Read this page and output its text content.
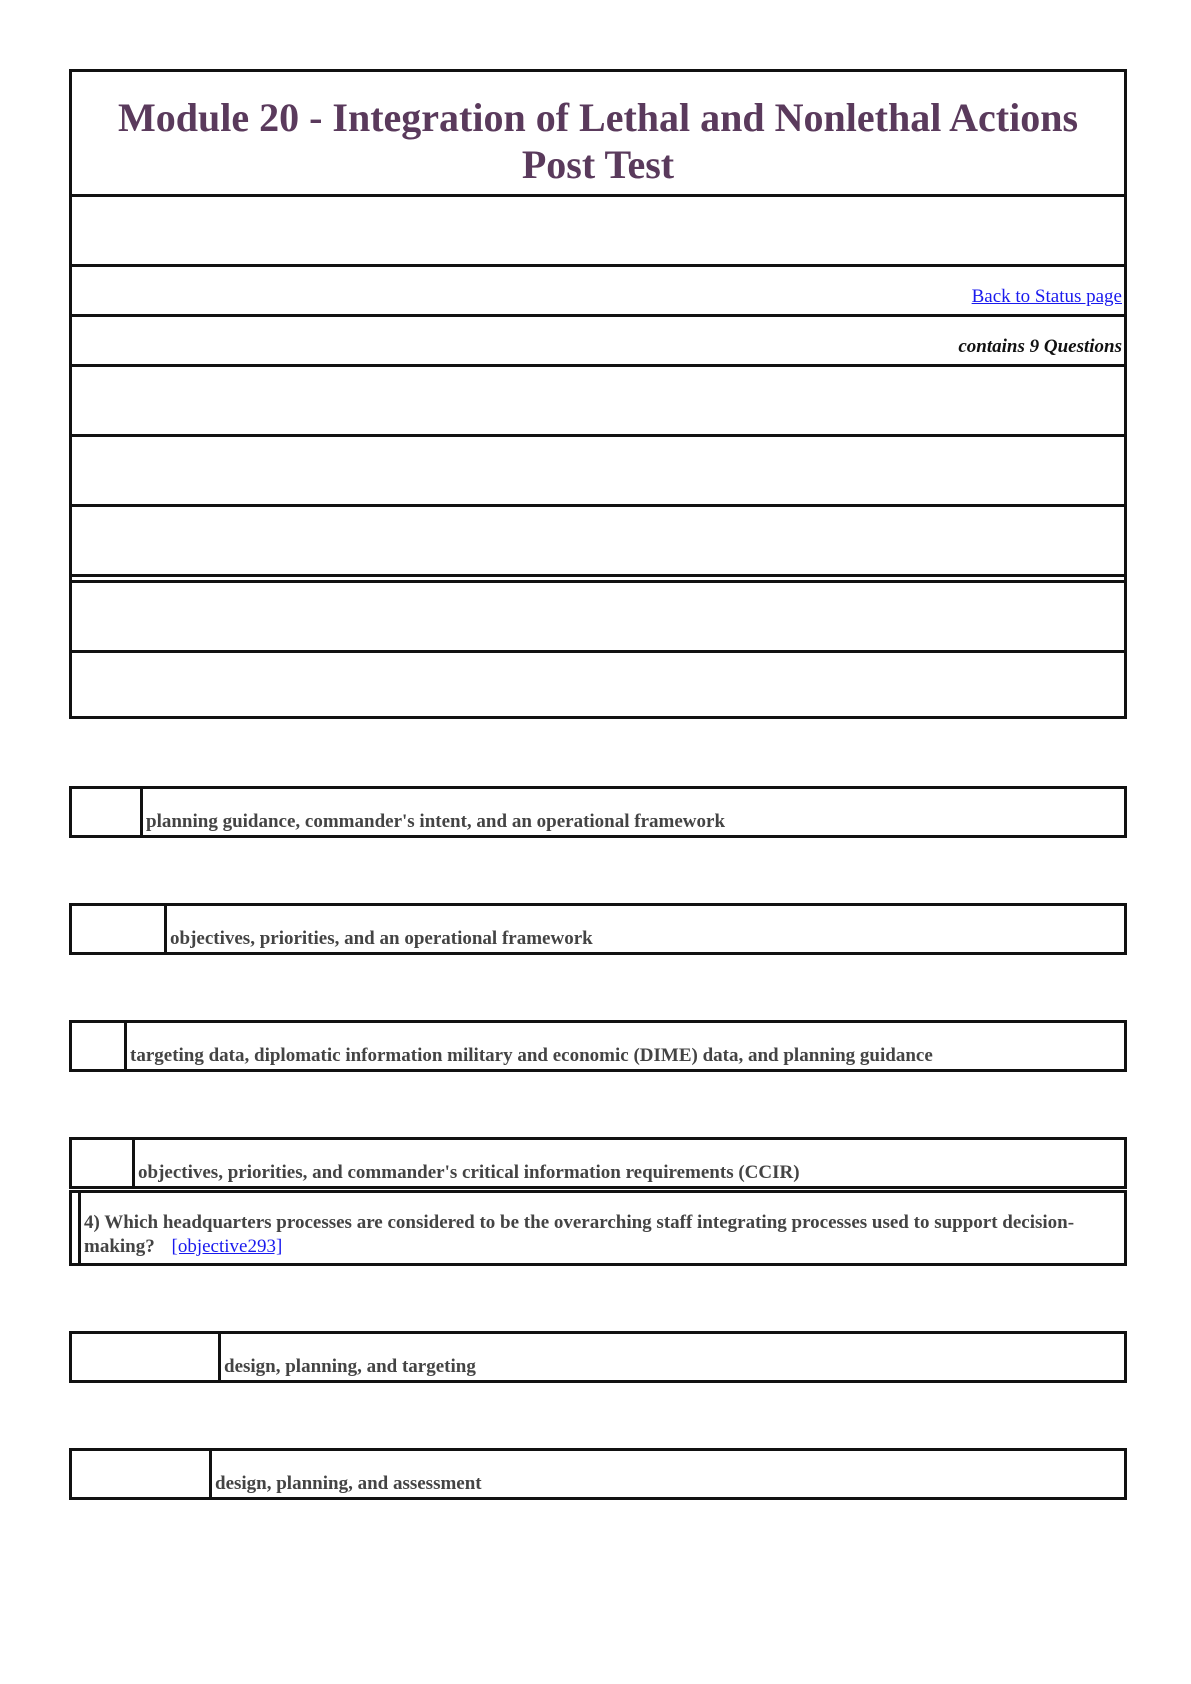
Module 20 - Integration of Lethal and Nonlethal Actions
Post Test
Back to Status page
contains 9 Questions
planning guidance, commander's intent, and an operational framework
objectives, priorities, and an operational framework
targeting data, diplomatic information military and economic (DIME) data, and planning guidance
objectives, priorities, and commander's critical information requirements (CCIR)
4) Which headquarters processes are considered to be the overarching staff integrating processes used to support decision-making? [objective293]
design, planning, and targeting
design, planning, and assessment
